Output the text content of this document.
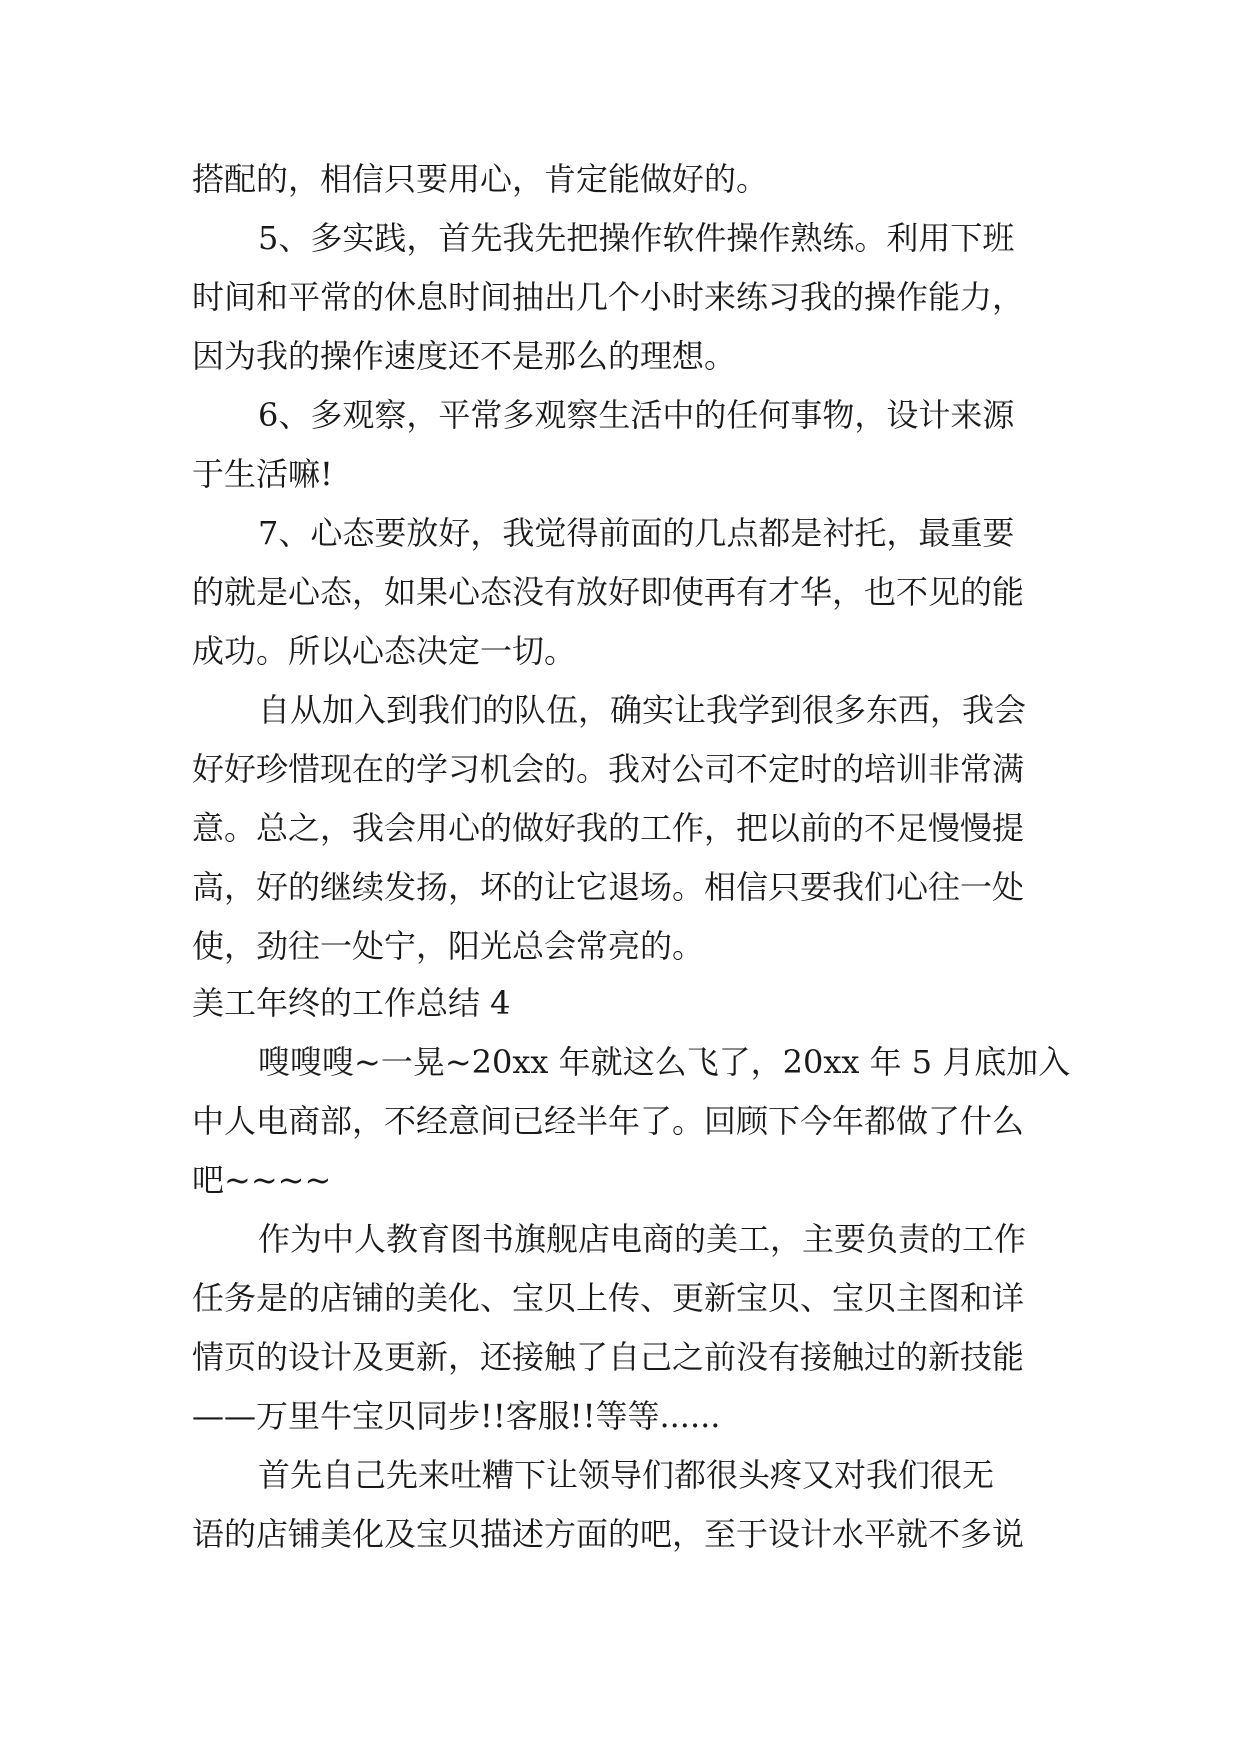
搭配的，相信只要用心，肯定能做好的。
5、多实践，首先我先把操作软件操作熟练。利用下班
时间和平常的休息时间抽出几个小时来练习我的操作能力，
因为我的操作速度还不是那么的理想。
6、多观察，平常多观察生活中的任何事物，设计来源
于生活嘛!
7、心态要放好，我觉得前面的几点都是衬托，最重要
的就是心态，如果心态没有放好即使再有才华，也不见的能
成功。所以心态决定一切。
自从加入到我们的队伍，确实让我学到很多东西，我会
好好珍惜现在的学习机会的。我对公司不定时的培训非常满
意。总之，我会用心的做好我的工作，把以前的不足慢慢提
高，好的继续发扬，坏的让它退场。相信只要我们心往一处
使，劲往一处宁，阳光总会常亮的。
美工年终的工作总结 4
嗖嗖嗖~一晃~20xx 年就这么飞了，20xx 年 5 月底加入
中人电商部，不经意间已经半年了。回顾下今年都做了什么
吧~~~~
作为中人教育图书旗舰店电商的美工，主要负责的工作
任务是的店铺的美化、宝贝上传、更新宝贝、宝贝主图和详
情页的设计及更新，还接触了自己之前没有接触过的新技能
——万里牛宝贝同步!!客服!!等等......
首先自己先来吐糟下让领导们都很头疼又对我们很无
语的店铺美化及宝贝描述方面的吧，至于设计水平就不多说
